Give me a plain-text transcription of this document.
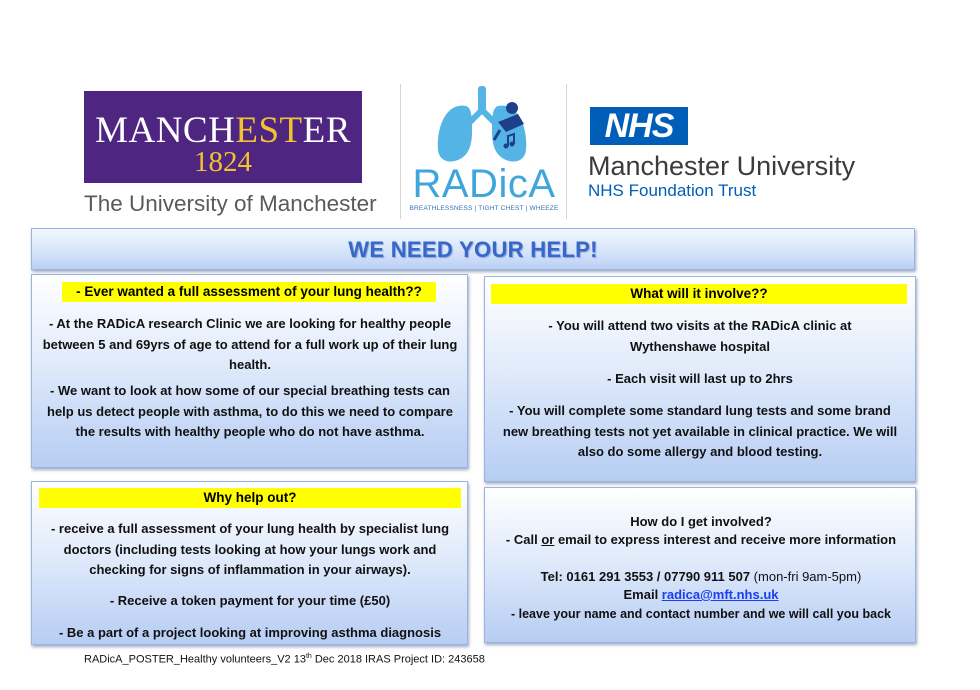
MANCHESTER
1824
The University of Manchester RADicA
BREATHLESSNESS | TIGHT CHEST | WHEEZE
NHS
Manchester University
NHS Foundation Trust
WE NEED YOUR HELP!
- Ever wanted a full assessment of your lung health??
- At the RADicA research Clinic we are looking for healthy people between 5 and 69yrs of age to attend for a full work up of their lung health.
- We want to look at how some of our special breathing tests can help us detect people with asthma, to do this we need to compare the results with healthy people who do not have asthma.
What will it involve??
- You will attend two visits at the RADicA clinic at Wythenshawe hospital
- Each visit will last up to 2hrs
- You will complete some standard lung tests and some brand new breathing tests not yet available in clinical practice. We will also do some allergy and blood testing.
Why help out?
- receive a full assessment of your lung health by specialist lung doctors (including tests looking at how your lungs work and checking for signs of inflammation in your airways).
- Receive a token payment for your time (£50)
- Be a part of a project looking at improving asthma diagnosis
How do I get involved?
- Call or email to express interest and receive more information
Tel: 0161 291 3553 / 07790 911 507 (mon-fri 9am-5pm)
Email radica@mft.nhs.uk
- leave your name and contact number and we will call you back
RADicA_POSTER_Healthy volunteers_V2 13th Dec 2018 IRAS Project ID: 243658
